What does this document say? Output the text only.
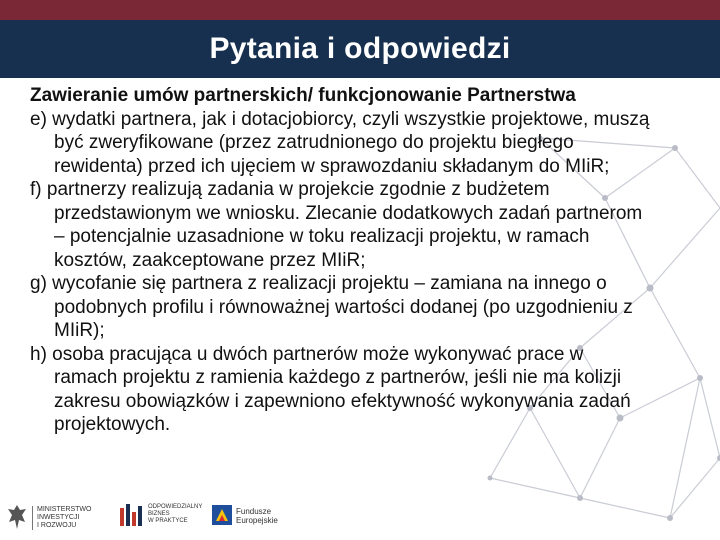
Pytania i odpowiedzi
Zawieranie umów partnerskich/ funkcjonowanie Partnerstwa
e) wydatki partnera, jak i dotacjobiorcy, czyli wszystkie projektowe, muszą być zweryfikowane (przez zatrudnionego do projektu biegłego rewidenta) przed ich ujęciem w sprawozdaniu składanym do MIiR;
f) partnerzy realizują zadania w projekcie zgodnie z budżetem przedstawionym we wniosku. Zlecanie dodatkowych zadań partnerom – potencjalnie uzasadnione w toku realizacji projektu, w ramach kosztów, zaakceptowane przez MIiR;
g) wycofanie się partnera z realizacji projektu – zamiana na innego o podobnych profilu i równoważnej wartości dodanej (po uzgodnieniu z MIiR);
h) osoba pracująca u dwóch partnerów może wykonywać prace w ramach projektu z ramienia każdego z partnerów, jeśli nie ma kolizji zakresu obowiązków i zapewniono efektywność wykonywania zadań projektowych.
MINISTERSTWO
INWESTYCJI
I ROZWOJU
ODPOWIEDZIALNY
BIZNES
W PRAKTYCE
Fundusze
Europejskie
